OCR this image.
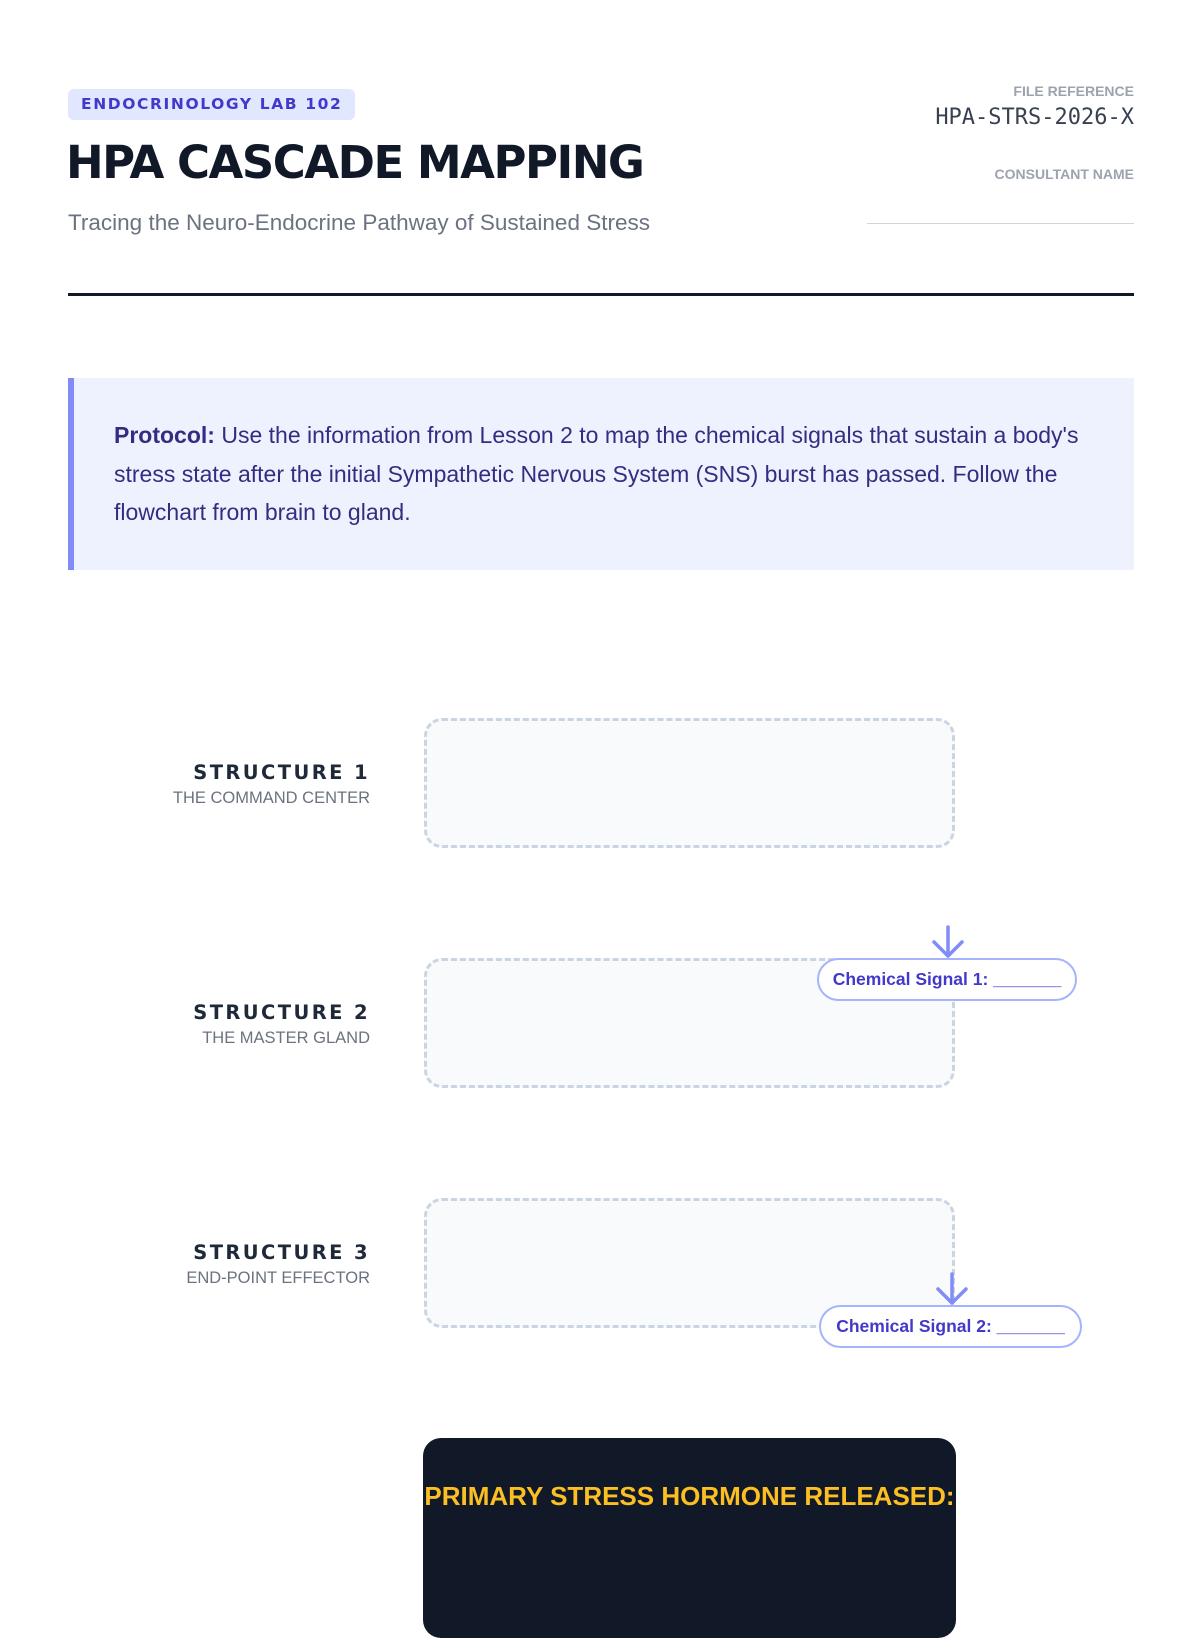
ENDOCRINOLOGY LAB 102
HPA CASCADE MAPPING
Tracing the Neuro-Endocrine Pathway of Sustained Stress
FILE REFERENCE
HPA-STRS-2026-X
CONSULTANT NAME
Protocol: Use the information from Lesson 2 to map the chemical signals that sustain a body's stress state after the initial Sympathetic Nervous System (SNS) burst has passed. Follow the flowchart from brain to gland.
STRUCTURE 1
THE COMMAND CENTER
STRUCTURE 2
THE MASTER GLAND
Chemical Signal 1: _______
STRUCTURE 3
END-POINT EFFECTOR
Chemical Signal 2: _______
PRIMARY STRESS HORMONE RELEASED:
